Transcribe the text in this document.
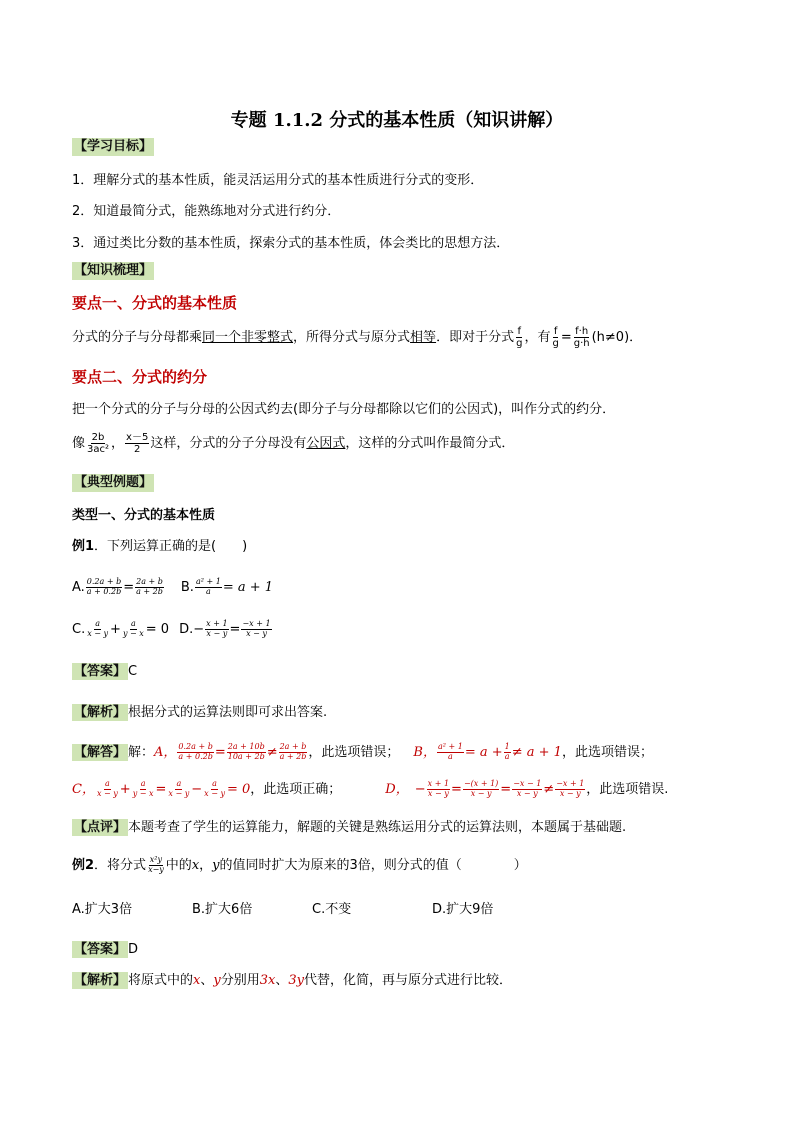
专题 1.1.2 分式的基本性质（知识讲解）
【学习目标】
1．理解分式的基本性质，能灵活运用分式的基本性质进行分式的变形．
2．知道最简分式，能熟练地对分式进行约分．
3．通过类比分数的基本性质，探索分式的基本性质，体会类比的思想方法．
【知识梳理】
要点一、分式的基本性质
分式的分子与分母都乘同一个非零整式，所得分式与原分式相等．即对于分式 $\frac{f}{g}$ ，有 $\frac{f}{g} = \frac{f\cdot h}{g\cdot h} (h\ne 0)$．
要点二、分式的约分
把一个分式的分子与分母的公因式约去(即分子与分母都除以它们的公因式)，叫作分式的约分．
像 $\frac{2b}{\text{3ac²}}$ ， $\frac{x-5}{2}$ 这样，分式的分子分母没有公因式，这样的分式叫作最简分式．
【典型例题】
类型一、分式的基本性质
例1．下列运算正确的是(　　)
A. $\frac{0.2a + b}{a + 0.2b} = \frac{2a + b}{a + 2b} B$. $\frac{\text{a² + 1}}{a} = a + 1$
C. $\frac{a}{x - y} + \frac{a}{y - x} = 0$ $D.- \frac{x + 1}{x - y} = \frac{-x + 1}{x - y}$
【答案】 C
【解析】 根据分式的运算法则即可求出答案.
【解答】 解：A， $\frac{0.2a + b}{a + 0.2b} = \frac{2a + 10b}{10a + 2b} \ne \frac{2a + b}{a + 2b}$ ，此选项错误； B， $\frac{\text{a² + 1}}{a} = a + \frac{1}{a} \ne a + 1$，此选项错误；
C， $\frac{a}{x - y} + \frac{a}{y - x} = \frac{a}{x - y} - \frac{a}{x - y} = 0$，此选项正确；	D， − $\frac{x + 1}{x - y} = \frac{-(x + 1)}{x - y} = \frac{-x - 1}{x - y} \ne \frac{-x + 1}{x - y}$ ，此选项错误.
【点评】 本题考查了学生的运算能力，解题的关键是熟练运用分式的运算法则，本题属于基础题.
例2．将分式 $\frac{\text{x²y}}{x-y}$ 中的x，y的值同时扩大为原来的3倍，则分式的值（　　　　）
A.扩大3倍	B.扩大6倍	C.不变	D.扩大9倍
【答案】 D
【解析】 将原式中的x、y分别用3x、3y代替，化简，再与原分式进行比较．
